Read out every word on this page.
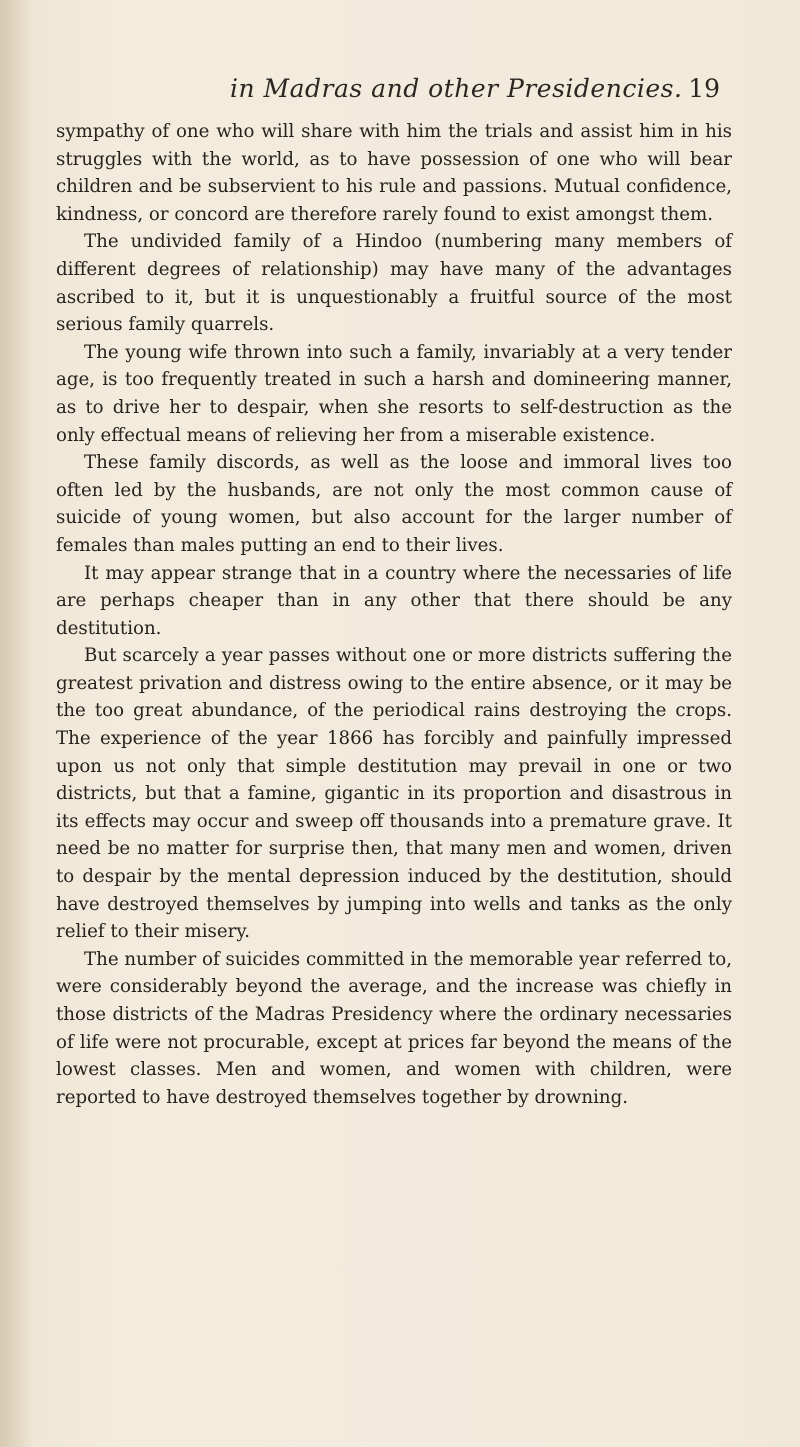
in Madras and other Presidencies. 19

sympathy of one who will share with him the trials and assist him in his struggles with the world, as to have possession of one who will bear children and be subservient to his rule and passions. Mutual confidence, kindness, or concord are therefore rarely found to exist amongst them.

The undivided family of a Hindoo (numbering many members of different degrees of relationship) may have many of the advantages ascribed to it, but it is unquestionably a fruitful source of the most serious family quarrels.

The young wife thrown into such a family, invariably at a very tender age, is too frequently treated in such a harsh and domineering manner, as to drive her to despair, when she resorts to self-destruction as the only effectual means of relieving her from a miserable existence.

These family discords, as well as the loose and immoral lives too often led by the husbands, are not only the most common cause of suicide of young women, but also account for the larger number of females than males putting an end to their lives.

It may appear strange that in a country where the necessaries of life are perhaps cheaper than in any other that there should be any destitution.

But scarcely a year passes without one or more districts suffering the greatest privation and distress owing to the entire absence, or it may be the too great abundance, of the periodical rains destroying the crops. The experience of the year 1866 has forcibly and painfully impressed upon us not only that simple destitution may prevail in one or two districts, but that a famine, gigantic in its proportion and disastrous in its effects may occur and sweep off thousands into a premature grave. It need be no matter for surprise then, that many men and women, driven to despair by the mental depression induced by the destitution, should have destroyed themselves by jumping into wells and tanks as the only relief to their misery.

The number of suicides committed in the memorable year referred to, were considerably beyond the average, and the increase was chiefly in those districts of the Madras Presidency where the ordinary necessaries of life were not procurable, except at prices far beyond the means of the lowest classes. Men and women, and women with children, were reported to have destroyed themselves together by drowning.
